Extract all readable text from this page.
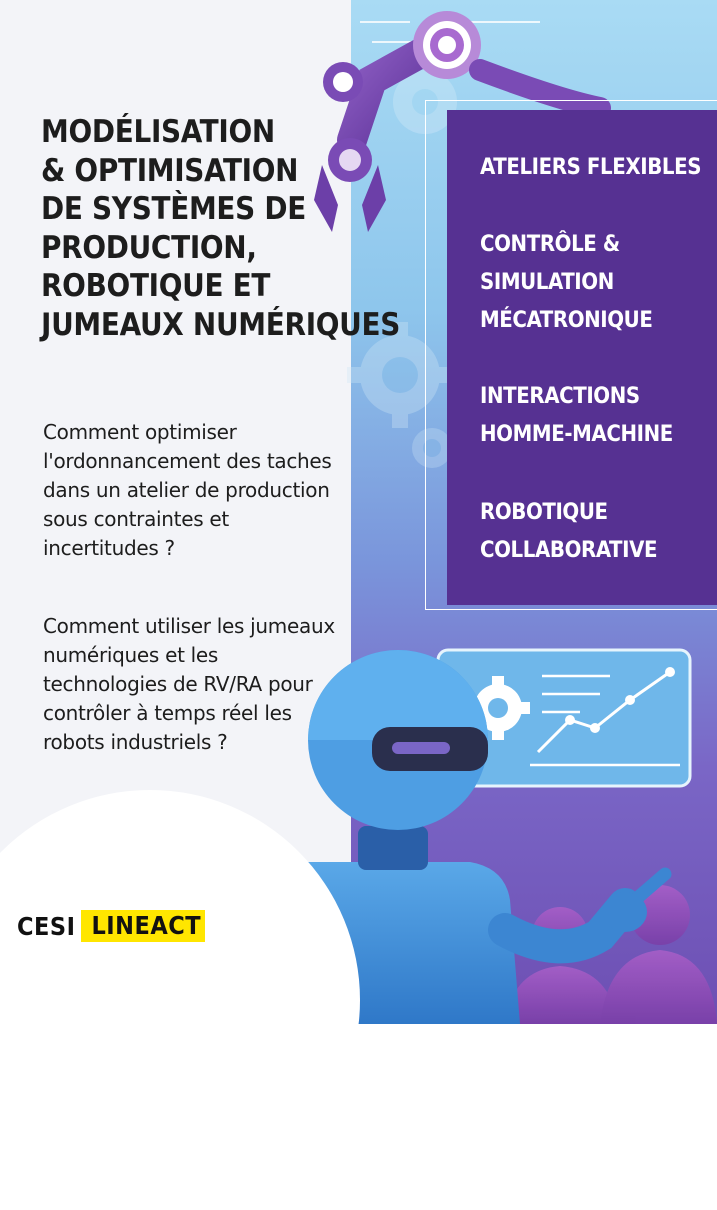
MODÉLISATION
& OPTIMISATION
DE SYSTÈMES DE
PRODUCTION,
ROBOTIQUE ET
JUMEAUX NUMÉRIQUES

Comment optimiser l'ordonnancement des taches dans un atelier de production sous contraintes et incertitudes ?

Comment utiliser les jumeaux numériques et les technologies de RV/RA pour contrôler à temps réel les robots industriels ?

ATELIERS FLEXIBLES
CONTRÔLE &
SIMULATION
MÉCATRONIQUE
INTERACTIONS
HOMME-MACHINE
ROBOTIQUE
COLLABORATIVE
CESI LINEACT
